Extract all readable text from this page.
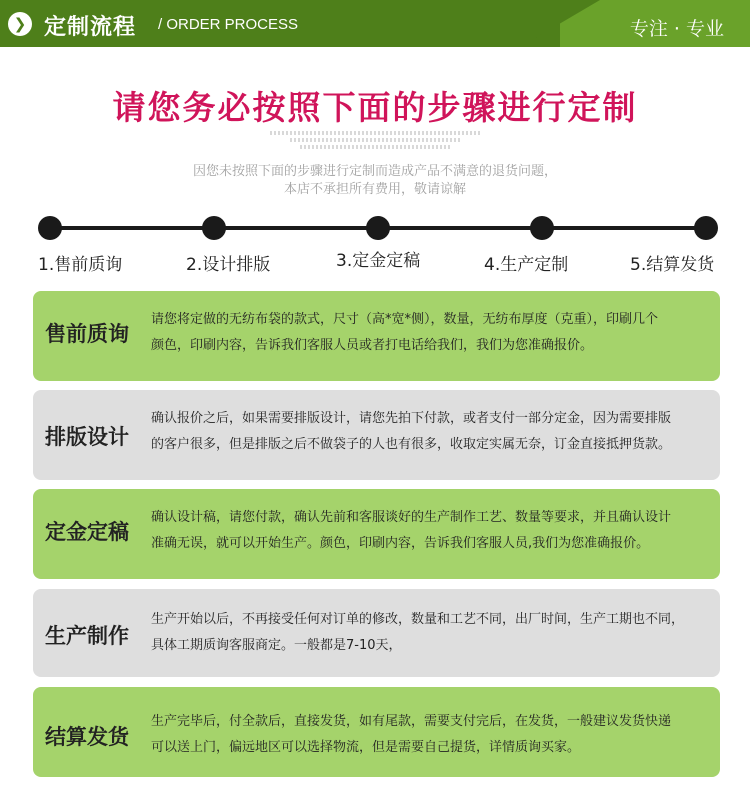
❯ 定制流程 / ORDER PROCESS	专注 · 专业
请您务必按照下面的步骤进行定制
因您未按照下面的步骤进行定制而造成产品不满意的退货问题，
本店不承担所有费用，敬请谅解
1.售前质询	2.设计排版	3.定金定稿	4.生产定制	5.结算发货
售前质询
请您将定做的无纺布袋的款式，尺寸（高*宽*侧），数量，无纺布厚度（克重），印刷几个
颜色，印刷内容，告诉我们客服人员或者打电话给我们，我们为您准确报价。
排版设计
确认报价之后，如果需要排版设计，请您先拍下付款，或者支付一部分定金，因为需要排版
的客户很多，但是排版之后不做袋子的人也有很多，收取定实属无奈，订金直接抵押货款。
定金定稿
确认设计稿，请您付款，确认先前和客服谈好的生产制作工艺、数量等要求，并且确认设计
准确无误，就可以开始生产。颜色，印刷内容，告诉我们客服人员,我们为您准确报价。
生产制作
生产开始以后，不再接受任何对订单的修改，数量和工艺不同，出厂时间，生产工期也不同，
具体工期质询客服商定。一般都是7-10天，
结算发货
生产完毕后，付全款后，直接发货，如有尾款，需要支付完后，在发货，一般建议发货快递
可以送上门，偏远地区可以选择物流，但是需要自己提货，详情质询买家。
